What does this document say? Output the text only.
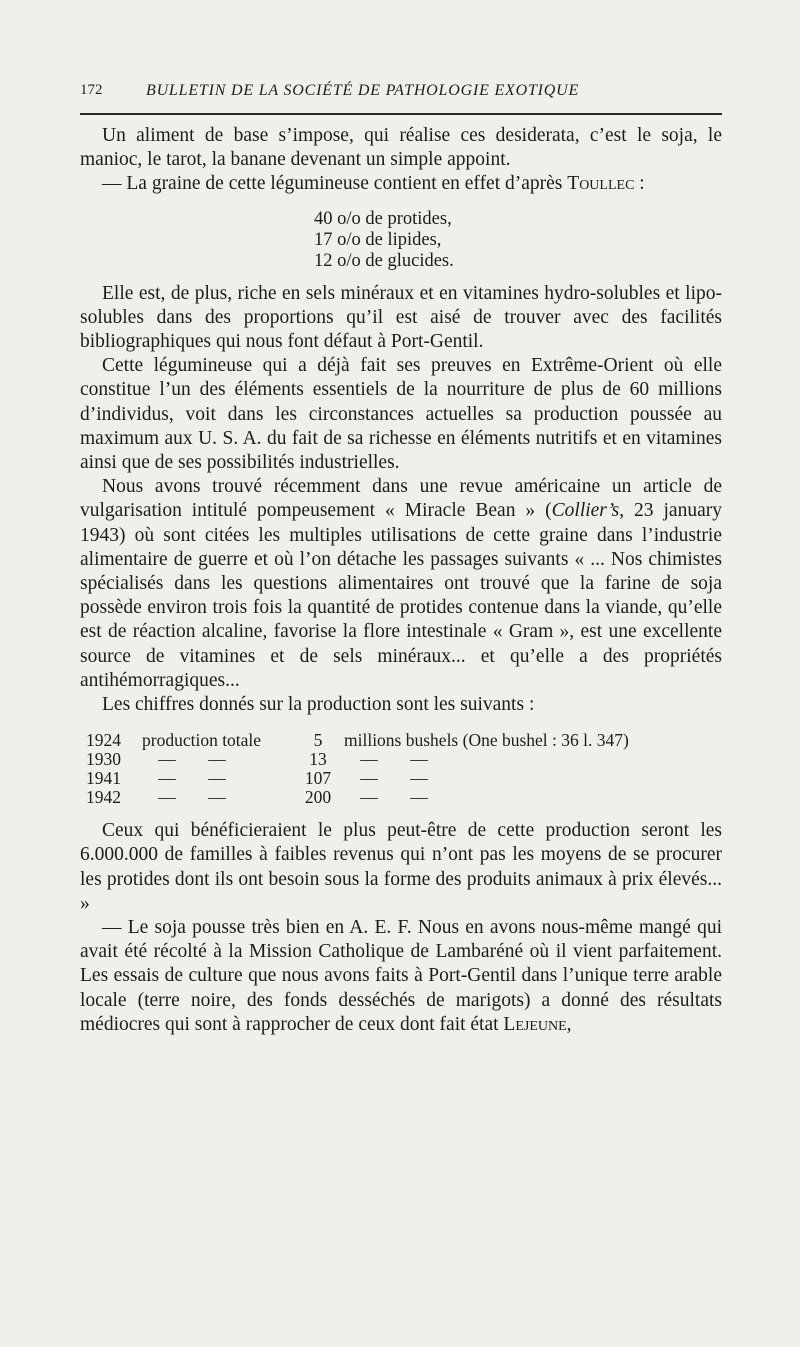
172	BULLETIN DE LA SOCIÉTÉ DE PATHOLOGIE EXOTIQUE

Un aliment de base s’impose, qui réalise ces desiderata, c’est le soja, le manioc, le tarot, la banane devenant un simple appoint.

— La graine de cette légumineuse contient en effet d’après Toullec :

40 o/o de protides,
17 o/o de lipides,
12 o/o de glucides.

Elle est, de plus, riche en sels minéraux et en vitamines hydro-solubles et lipo-solubles dans des proportions qu’il est aisé de trouver avec des facilités bibliographiques qui nous font défaut à Port-Gentil.

Cette légumineuse qui a déjà fait ses preuves en Extrême-Orient où elle constitue l’un des éléments essentiels de la nourriture de plus de 60 millions d’individus, voit dans les circonstances actuelles sa production poussée au maximum aux U. S. A. du fait de sa richesse en éléments nutritifs et en vitamines ainsi que de ses possibilités industrielles.

Nous avons trouvé récemment dans une revue américaine un article de vulgarisation intitulé pompeusement « Miracle Bean » (Collier’s, 23 january 1943) où sont citées les multiples utilisations de cette graine dans l’industrie alimentaire de guerre et où l’on détache les passages suivants « ... Nos chimistes spécialisés dans les questions alimentaires ont trouvé que la farine de soja possède environ trois fois la quantité de protides contenue dans la viande, qu’elle est de réaction alcaline, favorise la flore intestinale « Gram », est une excellente source de vitamines et de sels minéraux... et qu’elle a des propriétés antihémorragiques...

Les chiffres donnés sur la production sont les suivants :

1924	production totale	5	millions bushels (One bushel : 36 l. 347)
1930	— —	13	— —
1941	— —	107	— —
1942	— —	200	— —

Ceux qui bénéficieraient le plus peut-être de cette production seront les 6.000.000 de familles à faibles revenus qui n’ont pas les moyens de se procurer les protides dont ils ont besoin sous la forme des produits animaux à prix élevés... »

— Le soja pousse très bien en A. E. F. Nous en avons nous-même mangé qui avait été récolté à la Mission Catholique de Lambaréné où il vient parfaitement. Les essais de culture que nous avons faits à Port-Gentil dans l’unique terre arable locale (terre noire, des fonds desséchés de marigots) a donné des résultats médiocres qui sont à rapprocher de ceux dont fait état Lejeune,
